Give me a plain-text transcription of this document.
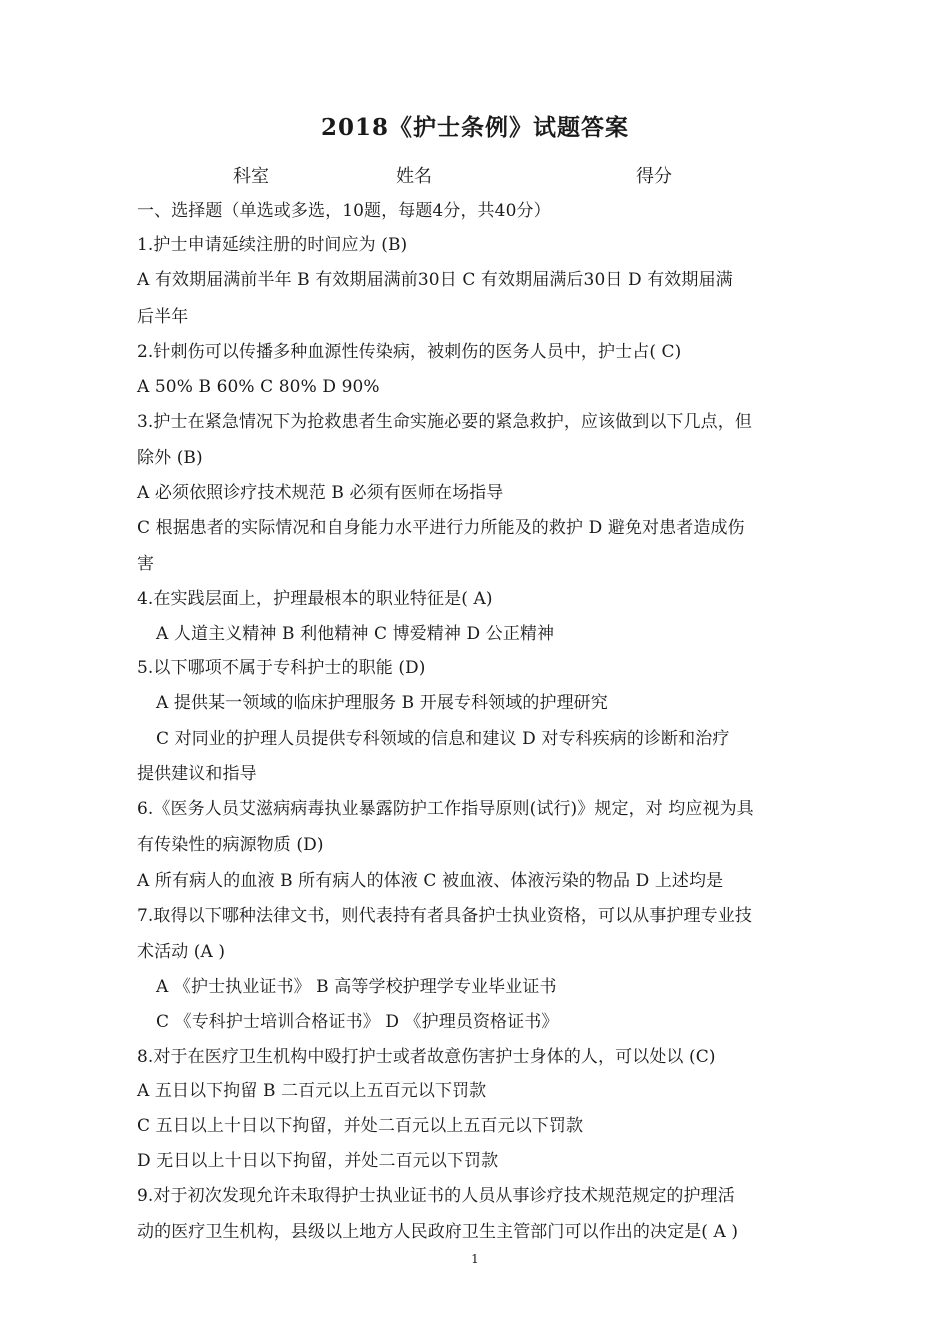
2018《护士条例》试题答案
科室	姓名	得分
一、选择题（单选或多选，10题，每题4分，共40分）
1.护士申请延续注册的时间应为 (B)
A 有效期届满前半年 B 有效期届满前30日 C 有效期届满后30日 D 有效期届满
后半年
2.针刺伤可以传播多种血源性传染病，被刺伤的医务人员中，护士占( C)
A 50% B 60% C 80% D 90%
3.护士在紧急情况下为抢救患者生命实施必要的紧急救护，应该做到以下几点，但
除外 (B)
A 必须依照诊疗技术规范 B 必须有医师在场指导
C 根据患者的实际情况和自身能力水平进行力所能及的救护 D 避免对患者造成伤
害
4.在实践层面上，护理最根本的职业特征是( A)
A 人道主义精神 B 利他精神 C 博爱精神 D 公正精神
5.以下哪项不属于专科护士的职能 (D)
A 提供某一领域的临床护理服务 B 开展专科领域的护理研究
C 对同业的护理人员提供专科领域的信息和建议 D 对专科疾病的诊断和治疗
提供建议和指导
6.《医务人员艾滋病病毒执业暴露防护工作指导原则(试行)》规定，对 均应视为具
有传染性的病源物质 (D)
A 所有病人的血液 B 所有病人的体液 C 被血液、体液污染的物品 D 上述均是
7.取得以下哪种法律文书，则代表持有者具备护士执业资格，可以从事护理专业技
术活动 (A )
A 《护士执业证书》 B 高等学校护理学专业毕业证书
C 《专科护士培训合格证书》 D 《护理员资格证书》
8.对于在医疗卫生机构中殴打护士或者故意伤害护士身体的人，可以处以 (C)
A 五日以下拘留 B 二百元以上五百元以下罚款
C 五日以上十日以下拘留，并处二百元以上五百元以下罚款
D 无日以上十日以下拘留，并处二百元以下罚款
9.对于初次发现允许未取得护士执业证书的人员从事诊疗技术规范规定的护理活
动的医疗卫生机构，县级以上地方人民政府卫生主管部门可以作出的决定是( A )
1
